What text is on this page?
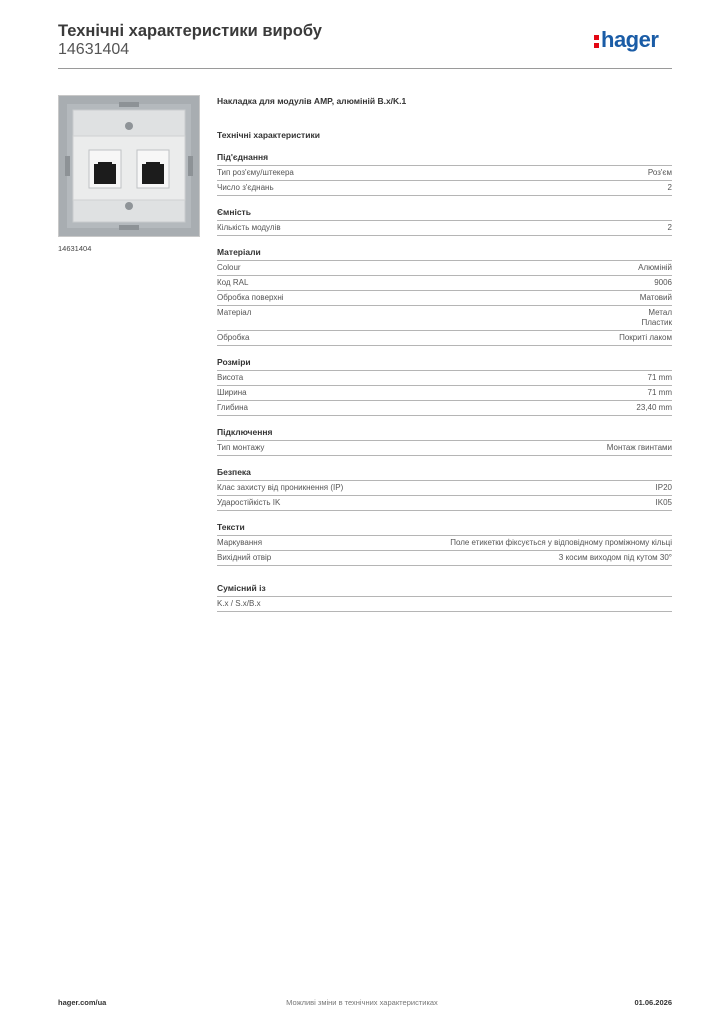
Технічні характеристики виробу
14631404	hager
14631404
Накладка для модулів AMP, алюміній B.x/K.1
Технічні характеристики
Під'єднання
Тип роз'єму/штекера	Роз'єм
Число з'єднань	2
Ємність
Кількість модулів	2
Матеріали
Colour	Алюміній
Код RAL	9006
Обробка поверхні	Матовий
Матеріал	Метал
Пластик
Обробка	Покриті лаком
Розміри
Висота	71 mm
Ширина	71 mm
Глибина	23,40 mm
Підключення
Тип монтажу	Монтаж гвинтами
Безпека
Клас захисту від проникнення (IP)	IP20
Ударостійкість IK	IK05
Тексти
Маркування	Поле етикетки фіксується у відповідному проміжному кільці
Вихідний отвір	З косим виходом під кутом 30°
Сумісний із
K.x / S.x/B.x
hager.com/ua	Можливі зміни в технічних характеристиках	01.06.2026
